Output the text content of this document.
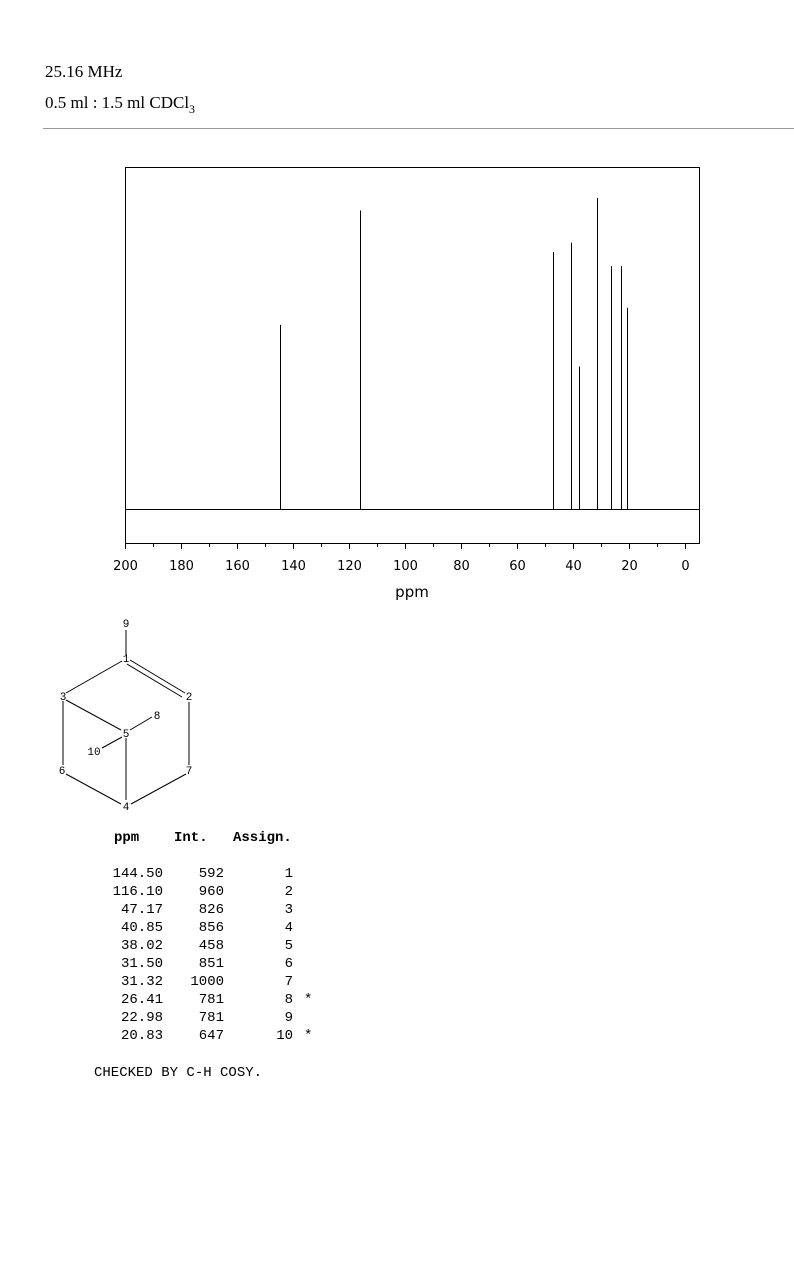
25.16 MHz
0.5 ml : 1.5 ml CDCl$_3$
200 180 160 140 120 100	80	60	40	20	0
ppm
1
2
3
4
5
6	7
8
9
10
ppm Int. Assign.
144.50	592	1
116.10	960	2
47.17	826	3
40.85	856	4
38.02	458	5
31.50	851	6
31.32	1000	7
26.41	781	8 *
22.98	781	9
20.83	647	10 *
CHECKED BY C-H COSY.
